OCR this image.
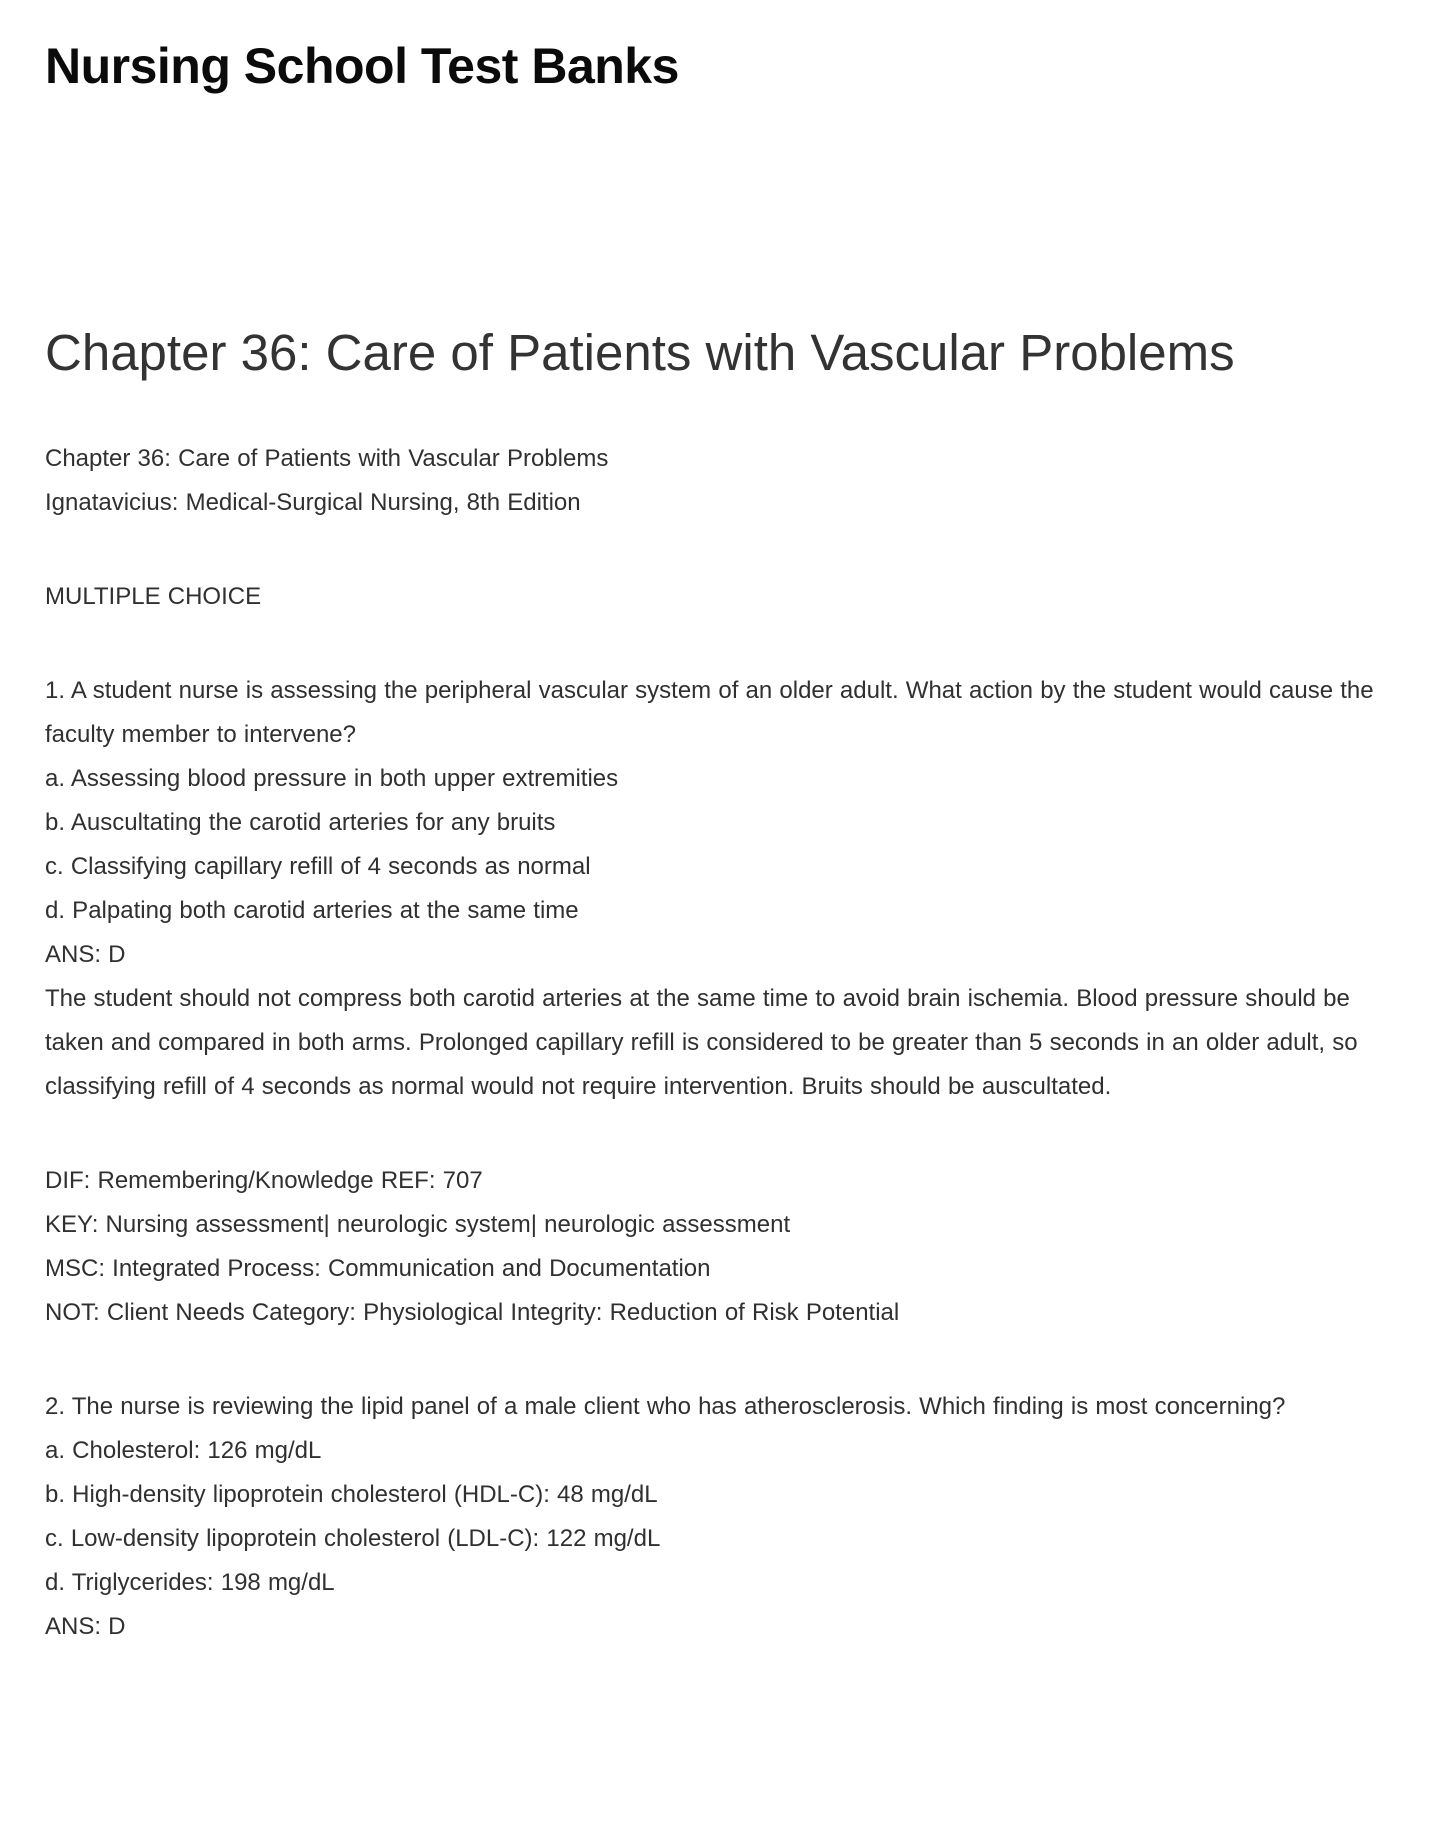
Nursing School Test Banks
Chapter 36: Care of Patients with Vascular Problems

Chapter 36: Care of Patients with Vascular Problems
Ignatavicius: Medical-Surgical Nursing, 8th Edition

MULTIPLE CHOICE

1. A student nurse is assessing the peripheral vascular system of an older adult. What action by the student would cause the faculty member to intervene?
a. Assessing blood pressure in both upper extremities
b. Auscultating the carotid arteries for any bruits
c. Classifying capillary refill of 4 seconds as normal
d. Palpating both carotid arteries at the same time
ANS: D
The student should not compress both carotid arteries at the same time to avoid brain ischemia. Blood pressure should be taken and compared in both arms. Prolonged capillary refill is considered to be greater than 5 seconds in an older adult, so classifying refill of 4 seconds as normal would not require intervention. Bruits should be auscultated.
DIF: Remembering/Knowledge REF: 707
KEY: Nursing assessment| neurologic system| neurologic assessment
MSC: Integrated Process: Communication and Documentation
NOT: Client Needs Category: Physiological Integrity: Reduction of Risk Potential
2. The nurse is reviewing the lipid panel of a male client who has atherosclerosis. Which finding is most concerning?
a. Cholesterol: 126 mg/dL
b. High-density lipoprotein cholesterol (HDL-C): 48 mg/dL
c. Low-density lipoprotein cholesterol (LDL-C): 122 mg/dL
d. Triglycerides: 198 mg/dL
ANS: D
